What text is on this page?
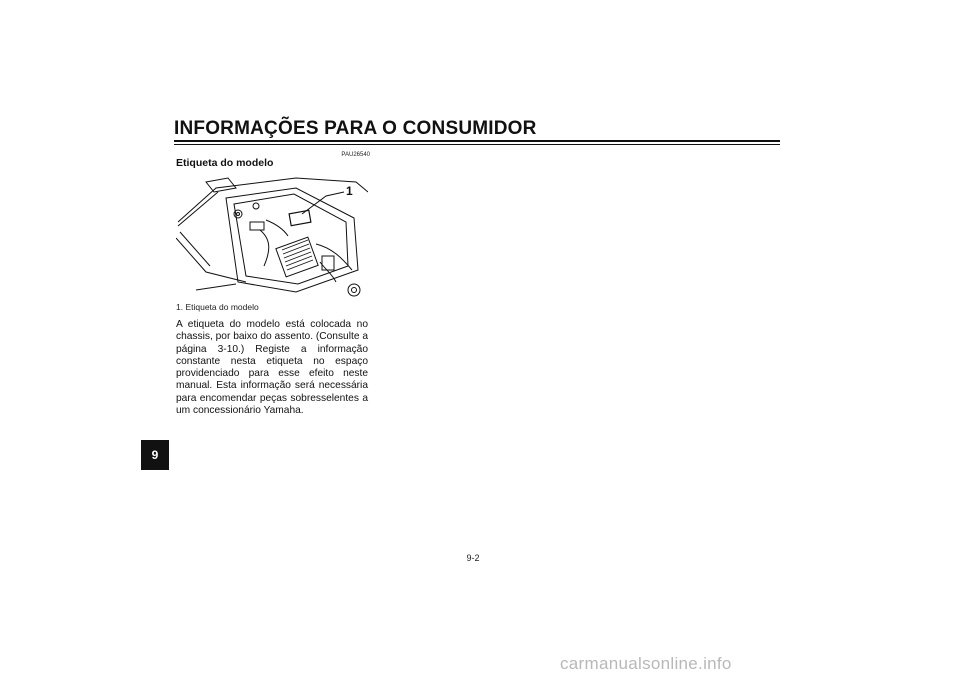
INFORMAÇÕES PARA O CONSUMIDOR
9
PAU26540
Etiqueta do modelo
1
1. Etiqueta do modelo
A etiqueta do modelo está colocada no chassis, por baixo do assento. (Consulte a página 3-10.) Registe a informação constante nesta etiqueta no espaço providenciado para esse efeito neste manual. Esta informação será necessária para encomendar peças sobresselentes a um concessionário Yamaha.
9-2
carmanualsonline.info
